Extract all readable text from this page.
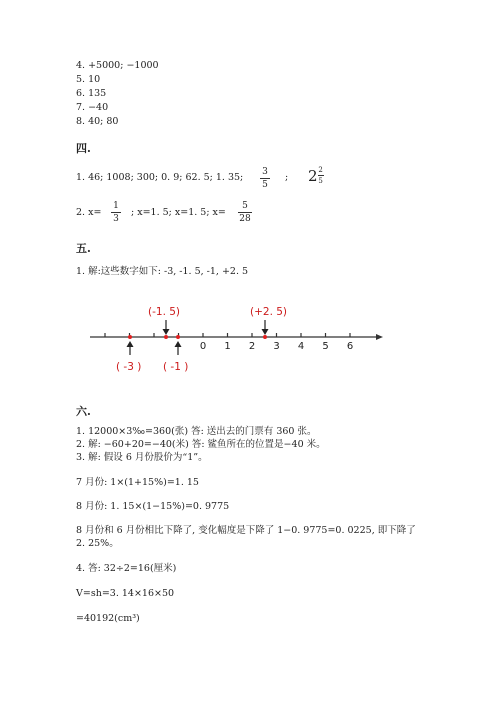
4. +5000; −1000
5. 10
6. 135
7. −40
8. 40; 80
四.
1. 46; 1008; 300; 0. 9; 62. 5; 1. 35; 3
5
; $2 \frac{2}{5}$
2. x=
1
3
; x=1. 5; x=1. 5; x=
5
28
五.
1. 解:这些数字如下: -3, -1. 5, -1, +2. 5
(-1. 5)	(+2. 5)
0 1 2 3 4 5 6
( -3 ) ( -1 )
六.
1. 12000×3‰=360(张) 答: 送出去的门票有 360 张。
2. 解: −60+20=−40(米) 答: 鲨鱼所在的位置是−40 米。
3. 解: 假设 6 月份股价为“1”。
7 月份: 1×(1+15%)=1. 15
8 月份: 1. 15×(1−15%)=0. 9775
8 月份和 6 月份相比下降了, 变化幅度是下降了 1−0. 9775=0. 0225, 即下降了
2. 25%。
4. 答: 32÷2=16(厘米)
V=sh=3. 14×16×50
=40192(cm³)
